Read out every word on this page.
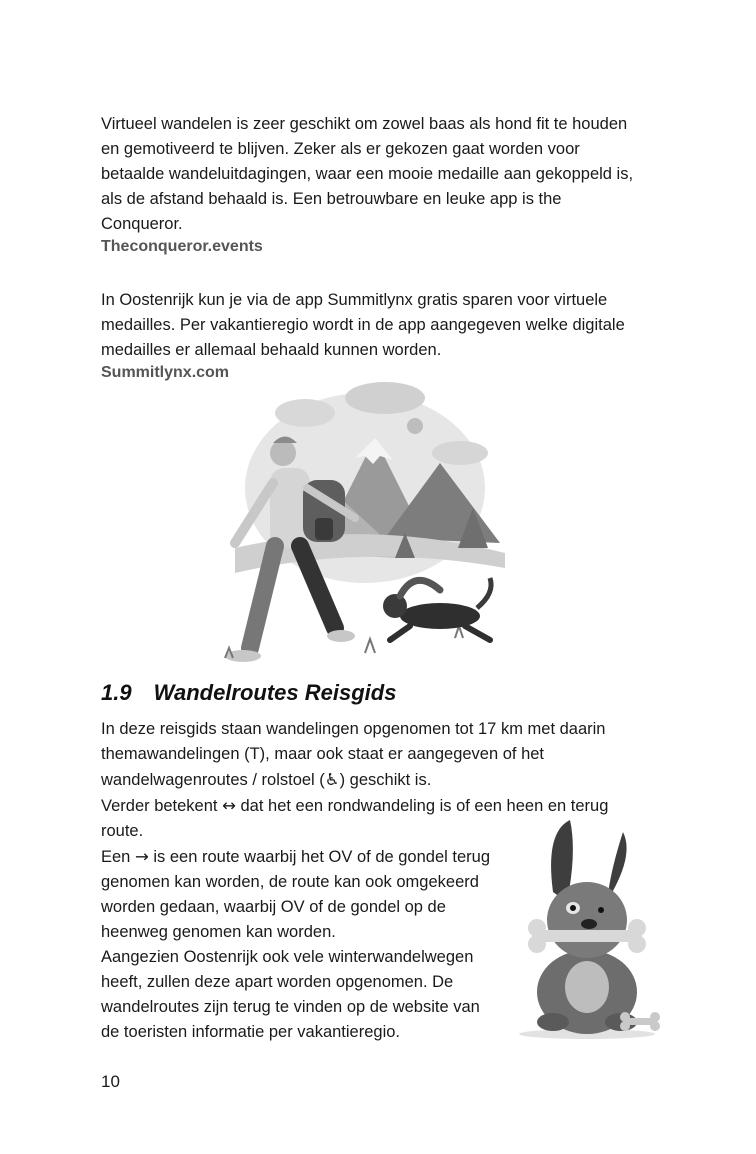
Virtueel wandelen is zeer geschikt om zowel baas als hond fit te houden
en gemotiveerd te blijven. Zeker als er gekozen gaat worden voor
betaalde wandeluitdagingen, waar een mooie medaille aan gekoppeld is,
als de afstand behaald is. Een betrouwbare en leuke app is the
Conqueror.

Theconqueror.events

In Oostenrijk kun je via de app Summitlynx gratis sparen voor virtuele
medailles. Per vakantieregio wordt in de app aangegeven welke digitale
medailles er allemaal behaald kunnen worden.

Summitlynx.com

1.9 Wandelroutes Reisgids
In deze reisgids staan wandelingen opgenomen tot 17 km met daarin
themawandelingen (T), maar ook staat er aangegeven of het
wandelwagenroutes / rolstoel (♿) geschikt is.
Verder betekent ↔ dat het een rondwandeling is of een heen en terug
route.
Een → is een route waarbij het OV of de gondel terug
genomen kan worden, de route kan ook omgekeerd
worden gedaan, waarbij OV of de gondel op de
heenweg genomen kan worden.
Aangezien Oostenrijk ook vele winterwandelwegen
heeft, zullen deze apart worden opgenomen. De
wandelroutes zijn terug te vinden op de website van
de toeristen informatie per vakantieregio.

10
